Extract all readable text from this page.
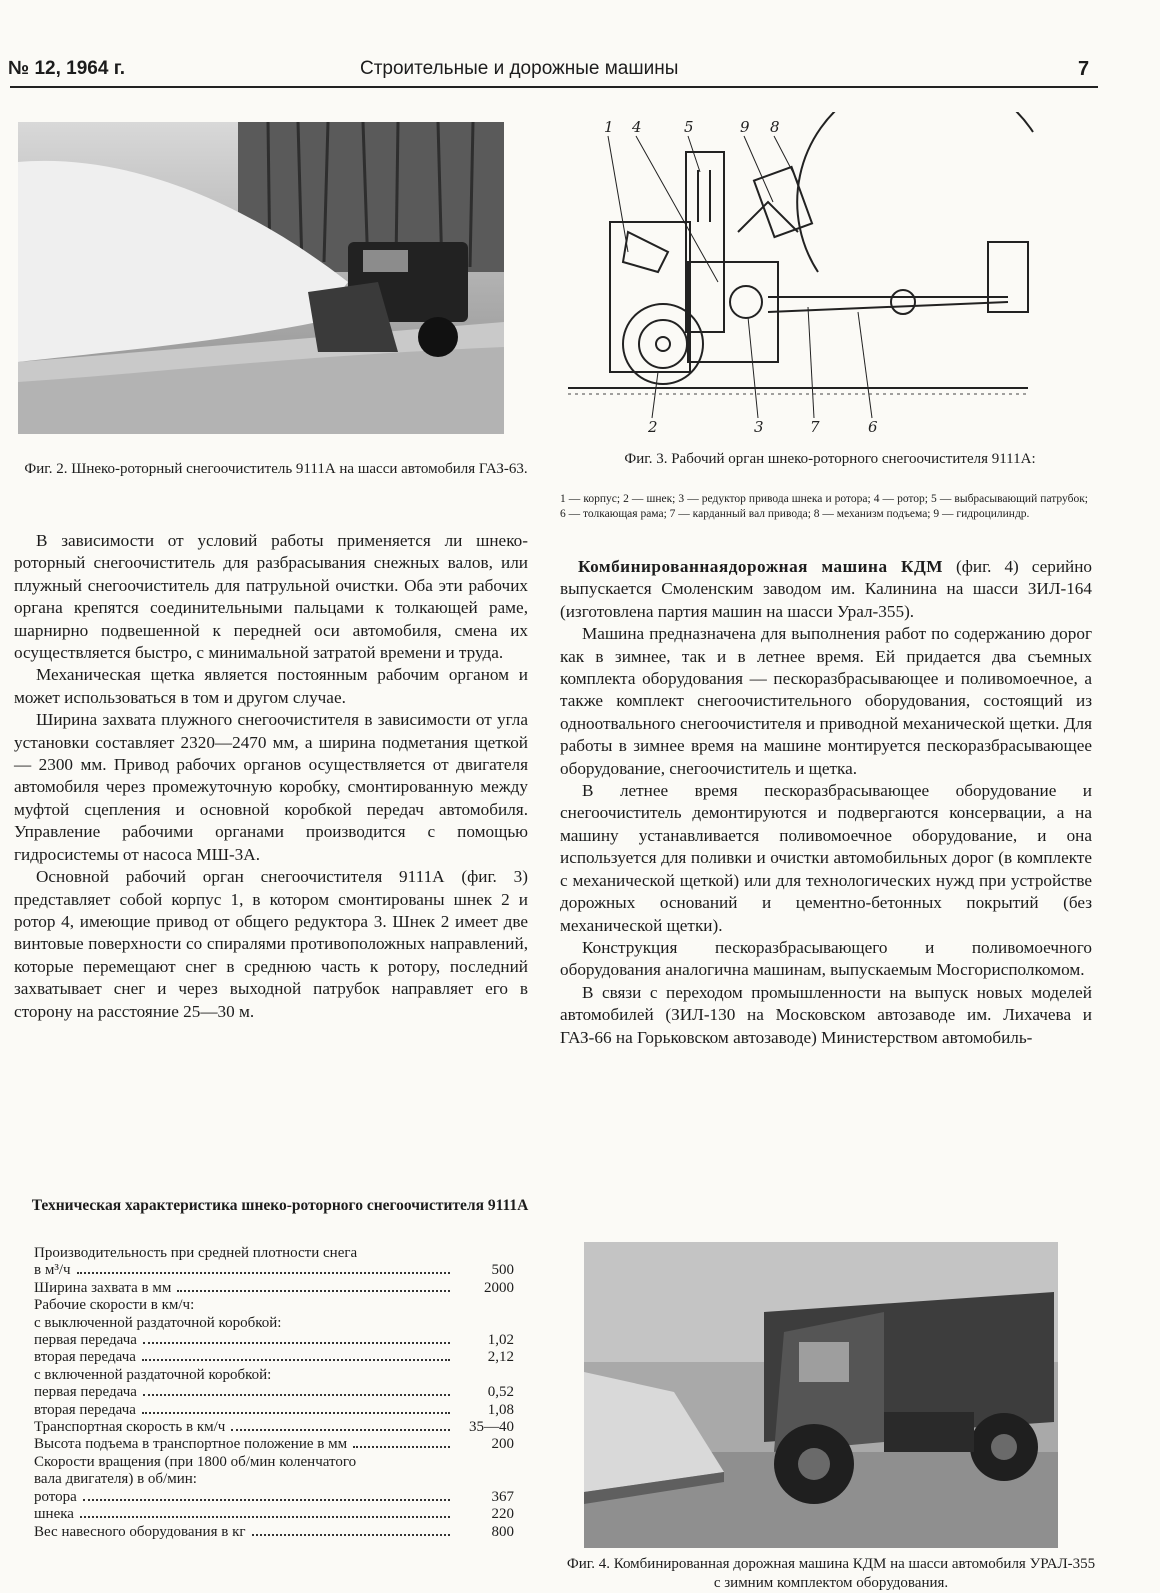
№ 12, 1964 г.	Строительные и дорожные машины	7
Фиг. 2. Шнеко-роторный снегоочиститель 9111А на шасси автомобиля ГАЗ-63.
1 4	5	9 8
2	3	7	6
Фиг. 3. Рабочий орган шнеко-роторного снегоочистителя 9111А:
1 — корпус; 2 — шнек; 3 — редуктор привода шнека и ротора; 4 — ротор; 5 — выбрасывающий патрубок; 6 — толкающая рама; 7 — карданный вал привода; 8 — механизм подъема; 9 — гидроцилиндр.

В зависимости от условий работы применяется ли шнеко-роторный снегоочиститель для разбрасывания снежных валов, или плужный снегоочиститель для патрульной очистки. Оба эти рабочих органа крепятся соединительными пальцами к толкающей раме, шарнирно подвешенной к передней оси автомобиля, смена их осуществляется быстро, с минимальной затратой времени и труда.

Механическая щетка является постоянным рабочим органом и может использоваться в том и другом случае.

Ширина захвата плужного снегоочистителя в зависимости от угла установки составляет 2320—2470 мм, а ширина подметания щеткой — 2300 мм. Привод рабочих органов осуществляется от двигателя автомобиля через промежуточную коробку, смонтированную между муфтой сцепления и основной коробкой передач автомобиля. Управление рабочими органами производится с помощью гидросистемы от насоса МШ-3А.

Основной рабочий орган снегоочистителя 9111А (фиг. 3) представляет собой корпус 1, в котором смонтированы шнек 2 и ротор 4, имеющие привод от общего редуктора 3. Шнек 2 имеет две винтовые поверхности со спиралями противоположных направлений, которые перемещают снег в среднюю часть к ротору, последний захватывает снег и через выходной патрубок направляет его в сторону на расстояние 25—30 м.

Техническая характеристика шнеко-роторного снегоочистителя 9111А
Производительность при средней плотности снега
в м³/ч	500
Ширина захвата в мм	2000
Рабочие скорости в км/ч:
с выключенной раздаточной коробкой:
первая передача	1,02
вторая передача	2,12
с включенной раздаточной коробкой:
первая передача	0,52
вторая передача	1,08
Транспортная скорость в км/ч	35—40
Высота подъема в транспортное положение в мм	200
Скорости вращения (при 1800 об/мин коленчатого
вала двигателя) в об/мин:
ротора	367
шнека	220
Вес навесного оборудования в кг	800

Комбинированнаядорожная машина КДМ (фиг. 4) серийно выпускается Смоленским заводом им. Калинина на шасси ЗИЛ-164 (изготовлена партия машин на шасси Урал-355).

Машина предназначена для выполнения работ по содержанию дорог как в зимнее, так и в летнее время. Ей придается два съемных комплекта оборудования — пескоразбрасывающее и поливомоечное, а также комплект снегоочистительного оборудования, состоящий из одноотвального снегоочистителя и приводной механической щетки. Для работы в зимнее время на машине монтируется пескоразбрасывающее оборудование, снегоочиститель и щетка.

В летнее время пескоразбрасывающее оборудование и снегоочиститель демонтируются и подвергаются консервации, а на машину устанавливается поливомоечное оборудование, и она используется для поливки и очистки автомобильных дорог (в комплекте с механической щеткой) или для технологических нужд при устройстве дорожных оснований и цементно-бетонных покрытий (без механической щетки).

Конструкция пескоразбрасывающего и поливомоечного оборудования аналогична машинам, выпускаемым Мосгорисполкомом.

В связи с переходом промышленности на выпуск новых моделей автомобилей (ЗИЛ-130 на Московском автозаводе им. Лихачева и ГАЗ-66 на Горьковском автозаводе) Министерством автомобиль-

Фиг. 4. Комбинированная дорожная машина КДМ на шасси автомобиля УРАЛ-355 с зимним комплектом оборудования.
